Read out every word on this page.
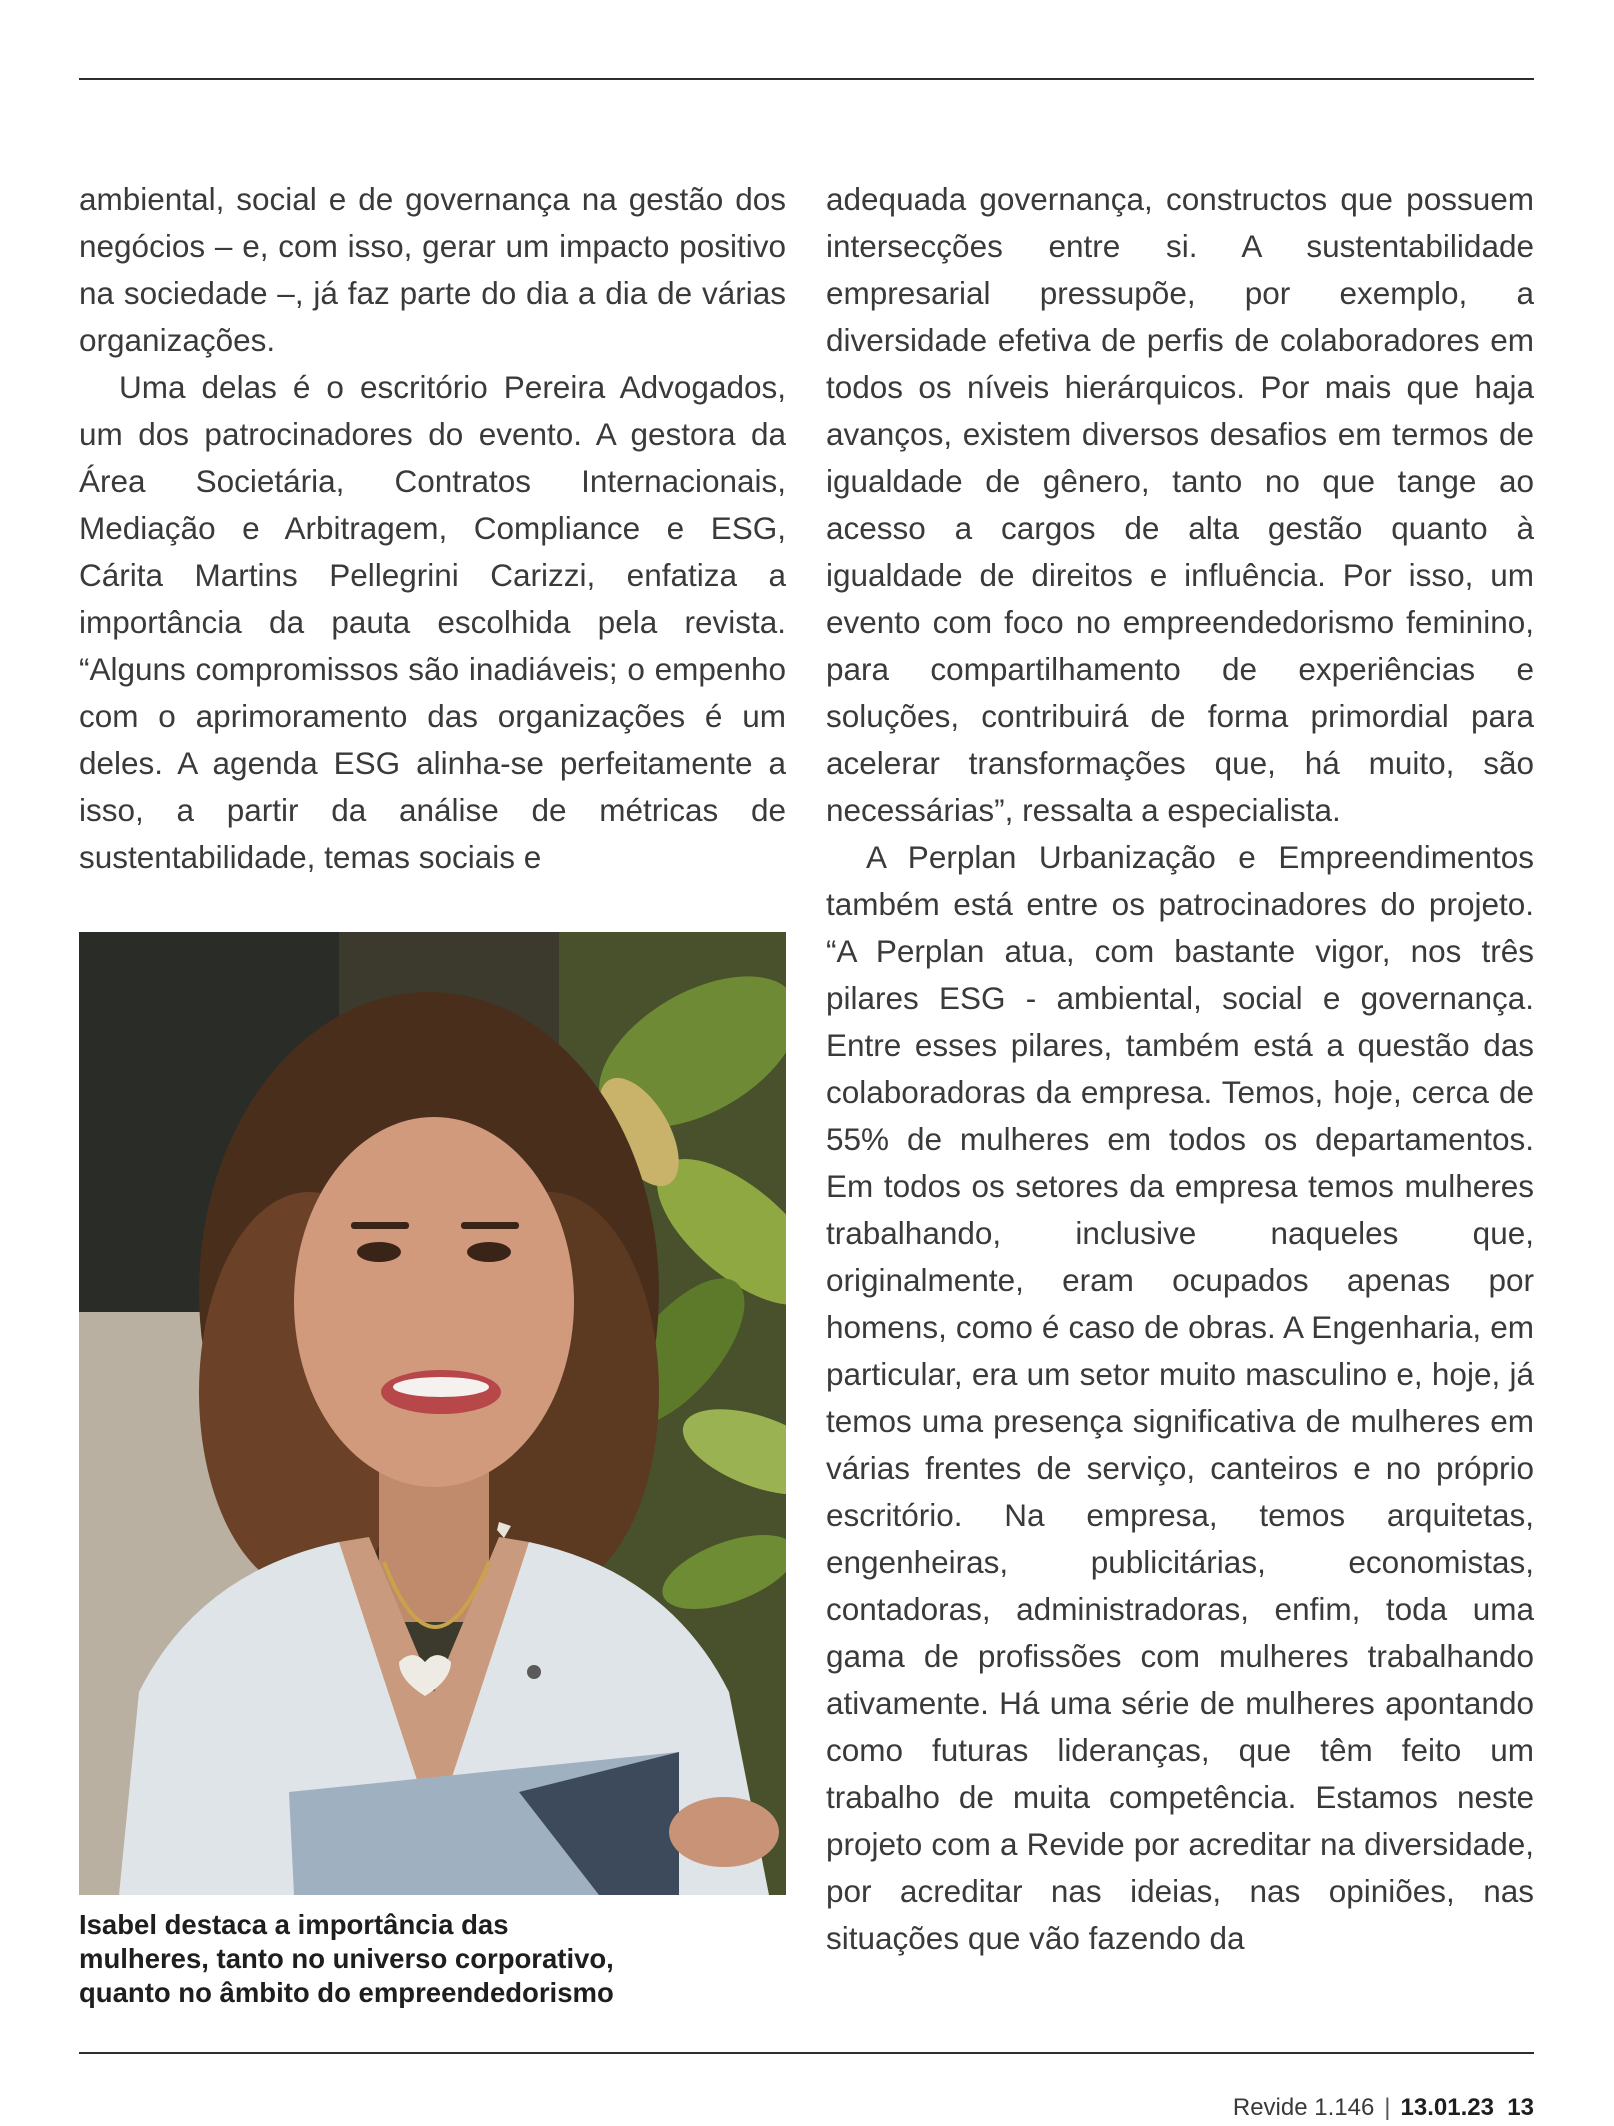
ambiental, social e de governança na gestão dos negócios – e, com isso, gerar um impacto positivo na sociedade –, já faz parte do dia a dia de várias organizações.

Uma delas é o escritório Pereira Advogados, um dos patrocinadores do evento. A gestora da Área Societária, Contratos Internacionais, Mediação e Arbitragem, Compliance e ESG, Cárita Martins Pellegrini Carizzi, enfatiza a importância da pauta escolhida pela revista. “Alguns compromissos são inadiáveis; o empenho com o aprimoramento das organizações é um deles. A agenda ESG alinha-se perfeitamente a isso, a partir da análise de métricas de sustentabilidade, temas sociais e

Isabel destaca a importância das
mulheres, tanto no universo corporativo,
quanto no âmbito do empreendedorismo

adequada governança, constructos que possuem intersecções entre si. A sustentabilidade empresarial pressupõe, por exemplo, a diversidade efetiva de perfis de colaboradores em todos os níveis hierárquicos. Por mais que haja avanços, existem diversos desafios em termos de igualdade de gênero, tanto no que tange ao acesso a cargos de alta gestão quanto à igualdade de direitos e influência. Por isso, um evento com foco no empreendedorismo feminino, para compartilhamento de experiências e soluções, contribuirá de forma primordial para acelerar transformações que, há muito, são necessárias”, ressalta a especialista.

A Perplan Urbanização e Empreendimentos também está entre os patrocinadores do projeto. “A Perplan atua, com bastante vigor, nos três pilares ESG - ambiental, social e governança. Entre esses pilares, também está a questão das colaboradoras da empresa. Temos, hoje, cerca de 55% de mulheres em todos os departamentos. Em todos os setores da empresa temos mulheres trabalhando, inclusive naqueles que, originalmente, eram ocupados apenas por homens, como é caso de obras. A Engenharia, em particular, era um setor muito masculino e, hoje, já temos uma presença significativa de mulheres em várias frentes de serviço, canteiros e no próprio escritório. Na empresa, temos arquitetas, engenheiras, publicitárias, economistas, contadoras, administradoras, enfim, toda uma gama de profissões com mulheres trabalhando ativamente. Há uma série de mulheres apontando como futuras lideranças, que têm feito um trabalho de muita competência. Estamos neste projeto com a Revide por acreditar na diversidade, por acreditar nas ideias, nas opiniões, nas situações que vão fazendo da

Revide 1.146 | 13.01.23 13
